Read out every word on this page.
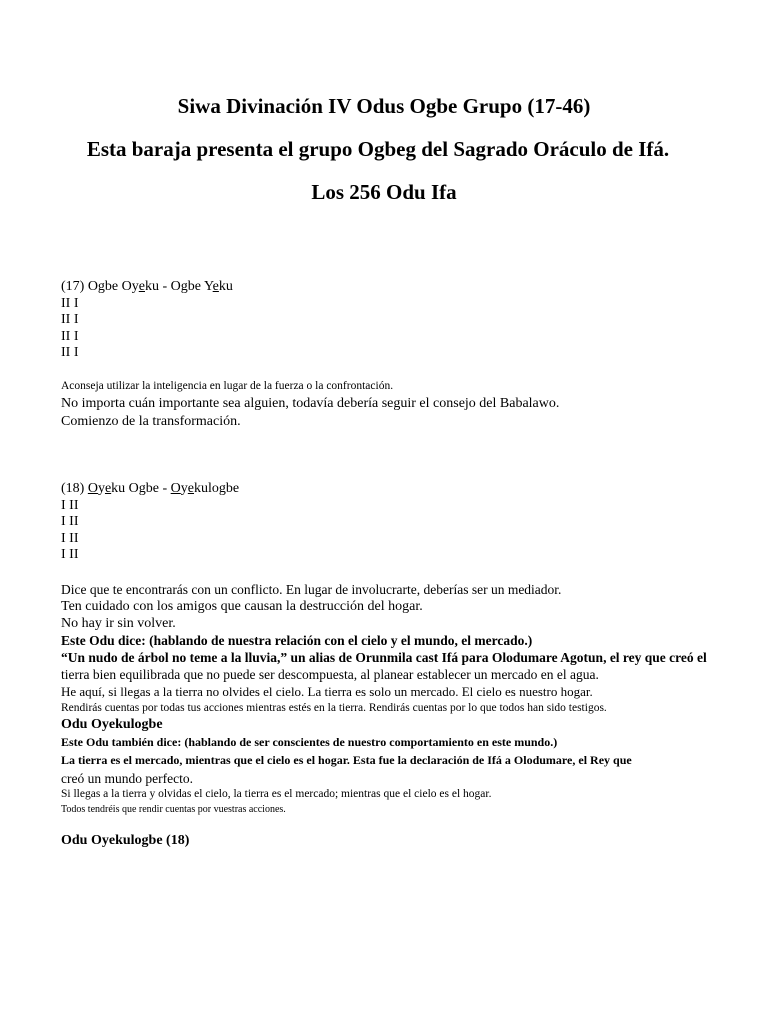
Siwa Divinación IV Odus Ogbe Grupo (17-46)
Esta baraja presenta el grupo Ogbeg del Sagrado Oráculo de Ifá.
Los 256 Odu Ifa
(17) Ogbe Oyeku - Ogbe Yeku
II I
II I
II I
II I
Aconseja utilizar la inteligencia en lugar de la fuerza o la confrontación.
No importa cuán importante sea alguien, todavía debería seguir el consejo del Babalawo.
Comienzo de la transformación.
(18) Oyeku Ogbe - Oyekulogbe
I II
I II
I II
I II
Dice que te encontrarás con un conflicto. En lugar de involucrarte, deberías ser un mediador.
Ten cuidado con los amigos que causan la destrucción del hogar.
No hay ir sin volver.
Este Odu dice: (hablando de nuestra relación con el cielo y el mundo, el mercado.)
“Un nudo de árbol no teme a la lluvia,” un alias de Orunmila cast Ifá para Olodumare Agotun, el rey que creó el
tierra bien equilibrada que no puede ser descompuesta, al planear establecer un mercado en el agua.
He aquí, si llegas a la tierra no olvides el cielo. La tierra es solo un mercado. El cielo es nuestro hogar.
Rendirás cuentas por todas tus acciones mientras estés en la tierra. Rendirás cuentas por lo que todos han sido testigos.
Odu Oyekulogbe
Este Odu también dice: (hablando de ser conscientes de nuestro comportamiento en este mundo.)
La tierra es el mercado, mientras que el cielo es el hogar. Esta fue la declaración de Ifá a Olodumare, el Rey que
creó un mundo perfecto.
Si llegas a la tierra y olvidas el cielo, la tierra es el mercado; mientras que el cielo es el hogar.
Todos tendréis que rendir cuentas por vuestras acciones.
Odu Oyekulogbe (18)
